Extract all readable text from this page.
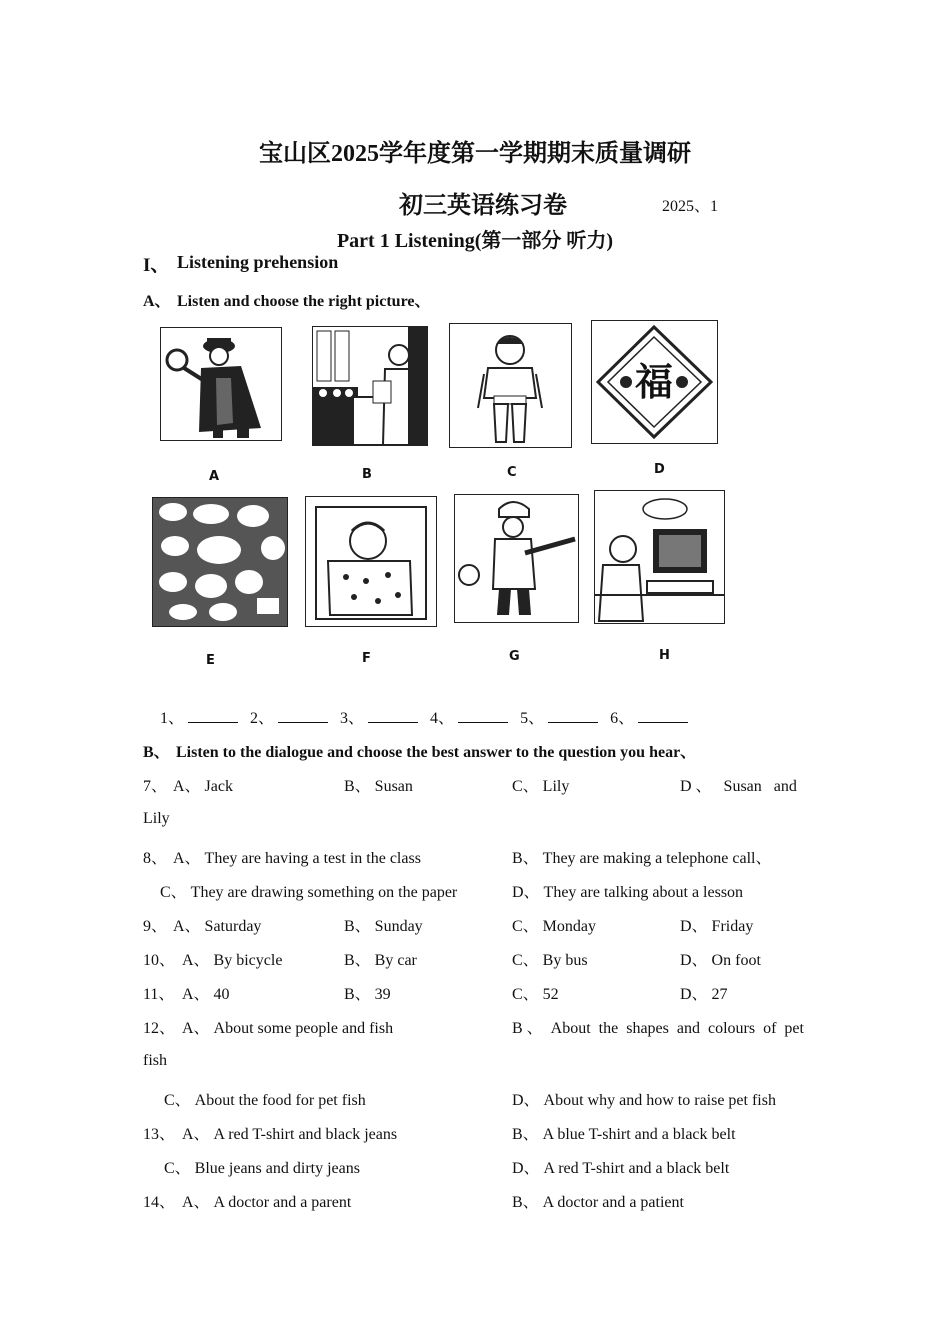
宝山区2025学年度第一学期期末质量调研
初三英语练习卷	2025、1
Part 1 Listening(第一部分 听力)
I、 Listening prehension
A、 Listen and choose the right picture、
福
A	B	C	D
E	F	G	H
1、	2、	3、	4、	5、	6、
B、 Listen to the dialogue and choose the best answer to the question you hear、
7、 A、 Jack	B、 Susan	C、 Lily	D 、   Susan   and
Lily
8、 A、 They are having a test in the class	B、 They are making a telephone call、
C、 They are drawing something on the paper	D、 They are talking about a lesson
9、 A、 Saturday	B、 Sunday	C、 Monday	D、 Friday
10、 A、 By bicycle	B、 By car	C、 By bus	D、 On foot
11、 A、 40	B、 39	C、 52	D、 27
12、 A、 About some people and fish	B 、  About  the  shapes  and  colours  of  pet
fish
C、 About the food for pet fish	D、 About why and how to raise pet fish
13、 A、 A red T-shirt and black jeans	B、 A blue T-shirt and a black belt
C、 Blue jeans and dirty jeans	D、 A red T-shirt and a black belt
14、 A、 A doctor and a parent	B、 A doctor and a patient
